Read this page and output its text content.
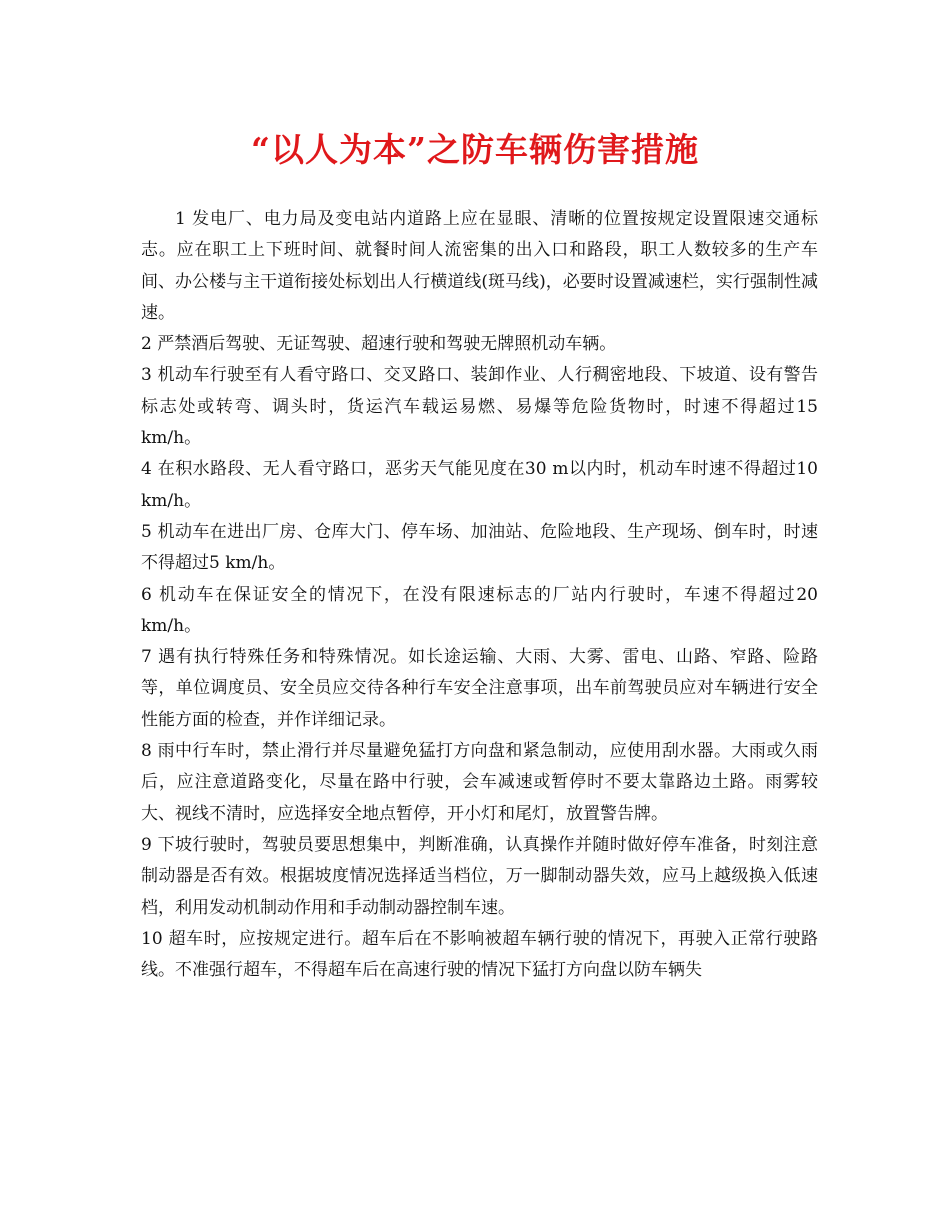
“以人为本”之防车辆伤害措施

1 发电厂、电力局及变电站内道路上应在显眼、清晰的位置按规定设置限速交通标志。应在职工上下班时间、就餐时间人流密集的出入口和路段，职工人数较多的生产车间、办公楼与主干道衔接处标划出人行横道线(斑马线)，必要时设置减速栏，实行强制性减速。

2 严禁酒后驾驶、无证驾驶、超速行驶和驾驶无牌照机动车辆。

3 机动车行驶至有人看守路口、交叉路口、装卸作业、人行稠密地段、下坡道、设有警告标志处或转弯、调头时，货运汽车载运易燃、易爆等危险货物时，时速不得超过15 km/h。

4 在积水路段、无人看守路口，恶劣天气能见度在30 m以内时，机动车时速不得超过10 km/h。

5 机动车在进出厂房、仓库大门、停车场、加油站、危险地段、生产现场、倒车时，时速不得超过5 km/h。

6 机动车在保证安全的情况下，在没有限速标志的厂站内行驶时，车速不得超过20 km/h。

7 遇有执行特殊任务和特殊情况。如长途运输、大雨、大雾、雷电、山路、窄路、险路等，单位调度员、安全员应交待各种行车安全注意事项，出车前驾驶员应对车辆进行安全性能方面的检查，并作详细记录。

8 雨中行车时，禁止滑行并尽量避免猛打方向盘和紧急制动，应使用刮水器。大雨或久雨后，应注意道路变化，尽量在路中行驶，会车减速或暂停时不要太靠路边土路。雨雾较大、视线不清时，应选择安全地点暂停，开小灯和尾灯，放置警告牌。

9 下坡行驶时，驾驶员要思想集中，判断准确，认真操作并随时做好停车准备，时刻注意制动器是否有效。根据坡度情况选择适当档位，万一脚制动器失效，应马上越级换入低速档，利用发动机制动作用和手动制动器控制车速。

10 超车时，应按规定进行。超车后在不影响被超车辆行驶的情况下，再驶入正常行驶路线。不准强行超车，不得超车后在高速行驶的情况下猛打方向盘以防车辆失
